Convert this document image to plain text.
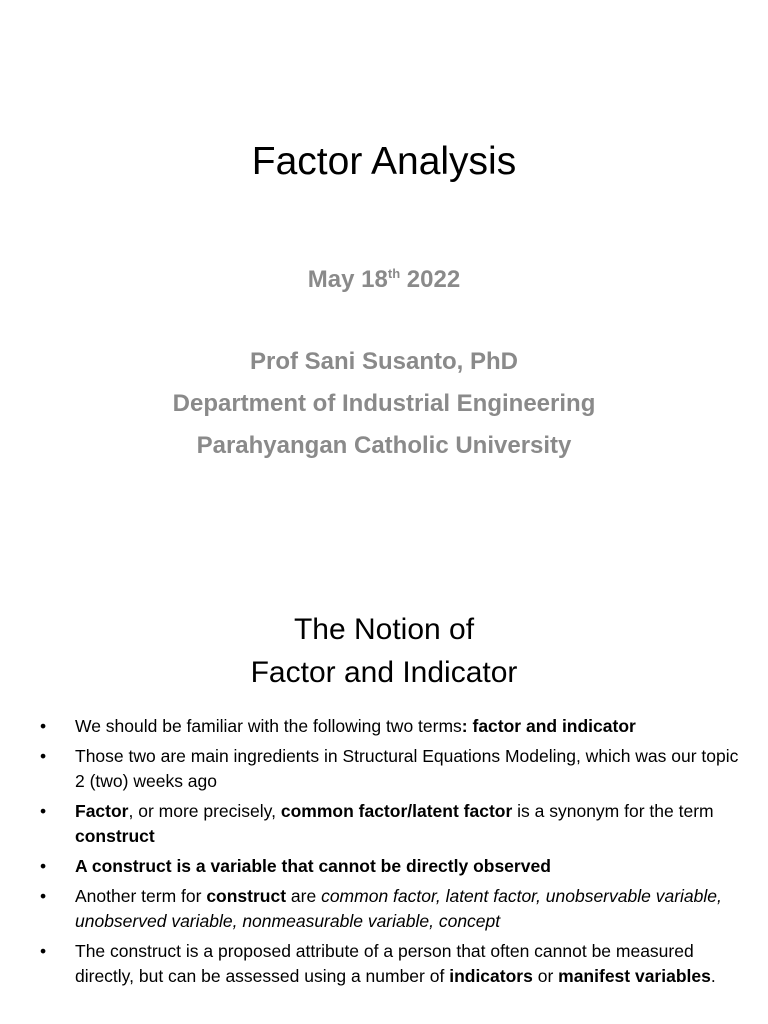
Factor Analysis
May 18th 2022
Prof Sani Susanto, PhD
Department of Industrial Engineering
Parahyangan Catholic University
The Notion of
Factor and Indicator
• We should be familiar with the following two terms: factor and indicator
• Those two are main ingredients in Structural Equations Modeling, which was our topic 2 (two) weeks ago
• Factor, or more precisely, common factor/latent factor is a synonym for the term construct
• A construct is a variable that cannot be directly observed
• Another term for construct are common factor, latent factor, unobservable variable, unobserved variable, nonmeasurable variable, concept
• The construct is a proposed attribute of a person that often cannot be measured directly, but can be assessed using a number of indicators or manifest variables.
